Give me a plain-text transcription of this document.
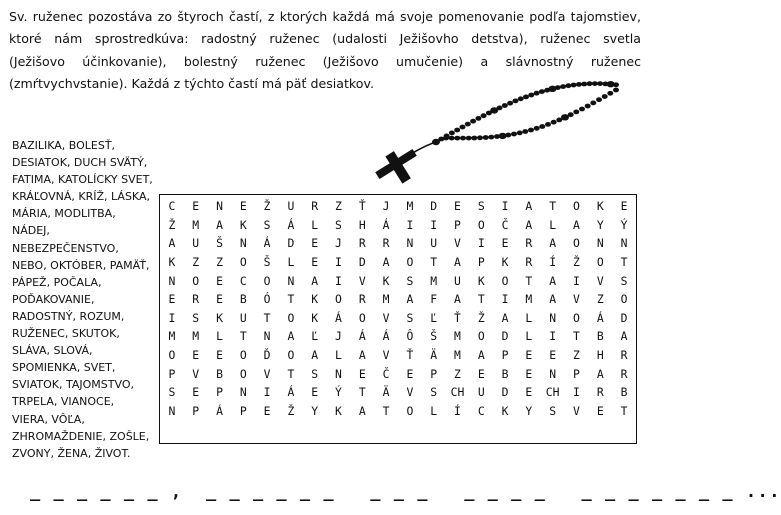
Sv. ruženec pozostáva zo štyroch častí, z ktorých každá má svoje pomenovanie podľa tajomstiev,
ktoré nám sprostredkúva: radostný ruženec (udalosti Ježišovho detstva), ruženec svetla
(Ježišovo účinkovanie), bolestný ruženec (Ježišovo umučenie) a slávnostný ruženec
(zmŕtvychvstanie). Každá z týchto častí má päť desiatkov.
BAZILIKA, BOLESŤ,
DESIATOK, DUCH SVÄTÝ,
FATIMA, KATOLÍCKY SVET,
KRÁĽOVNÁ, KRÍŽ, LÁSKA,
MÁRIA, MODLITBA,
NÁDEJ,
NEBEZPEČENSTVO,
NEBO, OKTÓBER, PAMÄŤ,
PÁPEŽ, POČALA,
POĎAKOVANIE,
RADOSTNÝ, ROZUM,
RUŽENEC, SKUTOK,
SLÁVA, SLOVÁ,
SPOMIENKA, SVET,
SVIATOK, TAJOMSTVO,
TRPELA, VIANOCE,
VIERA, VÔĽA,
ZHROMAŽDENIE, ZOŠLE,
ZVONY, ŽENA, ŽIVOT.
C	E	N	E	Ž	U	R	Z	Ť	J	M	D	E	S	I	A	T	O	K	E
Ž	M	A	K	S	Á	L	S	H	Á	I	I	P	O	Č	A	L	A	Y	Ý
A	U	Š	N	Á	D	E	J	R	R	N	U	V	I	E	R	A	O	N	N
K	Z	Z	O	Š	L	E	I	D	A	O	T	A	P	K	R	Í	Ž	O	T
N	O	E	C	O	N	A	I	V	K	S	M	U	K	O	T	A	I	V	S
E	R	E	B	Ó	T	K	O	R	M	A	F	A	T	I	M	A	V	Z	O
I	S	K	U	T	O	K	Á	O	V	S	Ľ	Ť	Ž	A	L	N	O	Á	D
M	M	L	T	N	A	Ľ	J	Á	Á	Ô	Š	M	O	D	L	I	T	B	A
O	E	E	O	Ď	O	A	L	A	V	Ť	Ä	M	A	P	E	E	Z	H	R
P	V	B	O	V	T	S	N	E	Č	E	P	Z	E	B	E	N	P	A	R
S	E	P	N	I	Á	E	Ý	T	Ä	V	S	CH	U	D	E	CH	I	R	B
N	P	Á	P	E	Ž	Y	K	A	T	O	L	Í	C	K	Y	S	V	E	T
_ _ _ _ _ _ ,  _ _ _ _ _ _   _ _ _   _ _ _ _   _ _ _ _ _ _ _ ...
